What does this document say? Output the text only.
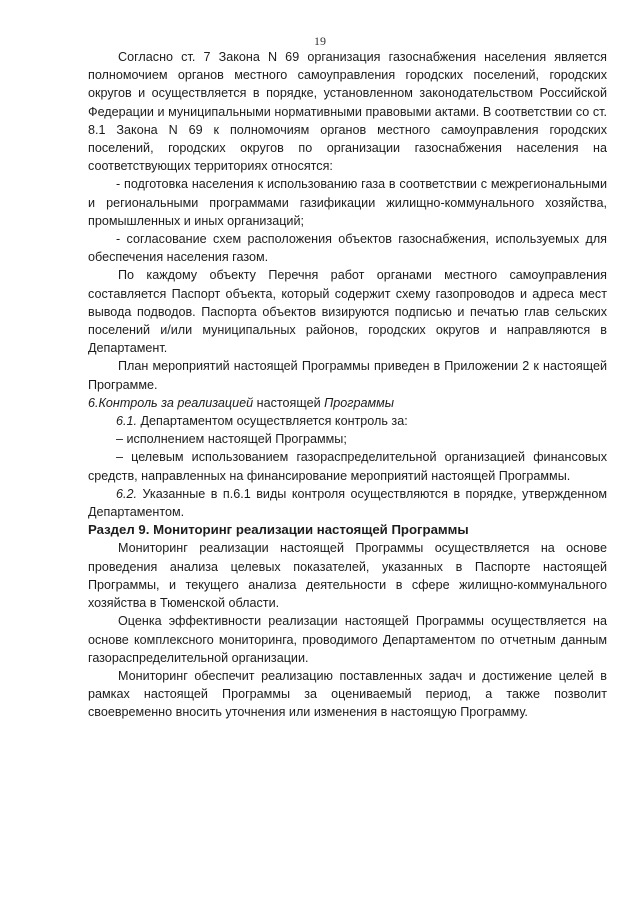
19

Согласно ст. 7 Закона N 69 организация газоснабжения населения является полномочием органов местного самоуправления городских поселений, городских округов и осуществляется в порядке, установленном законодательством Российской Федерации и муниципальными нормативными правовыми актами. В соответствии со ст. 8.1 Закона N 69 к полномочиям органов местного самоуправления городских поселений, городских округов по организации газоснабжения населения на соответствующих территориях относятся:

- подготовка населения к использованию газа в соответствии с межрегиональными и региональными программами газификации жилищно-коммунального хозяйства, промышленных и иных организаций;

- согласование схем расположения объектов газоснабжения, используемых для обеспечения населения газом.

По каждому объекту Перечня работ органами местного самоуправления составляется Паспорт объекта, который содержит схему газопроводов и адреса мест вывода подводов. Паспорта объектов визируются подписью и печатью глав сельских поселений и/или муниципальных районов, городских округов и направляются в Департамент.

План мероприятий настоящей Программы приведен в Приложении 2 к настоящей Программе.

6.Контроль за реализацией настоящей Программы

6.1. Департаментом осуществляется контроль за:

– исполнением настоящей Программы;

– целевым использованием газораспределительной организацией финансовых средств, направленных на финансирование мероприятий настоящей Программы.

6.2. Указанные в п.6.1 виды контроля осуществляются в порядке, утвержденном Департаментом.

Раздел 9. Мониторинг реализации настоящей Программы

Мониторинг реализации настоящей Программы осуществляется на основе проведения анализа целевых показателей, указанных в Паспорте настоящей Программы, и текущего анализа деятельности в сфере жилищно-коммунального хозяйства в Тюменской области.

Оценка эффективности реализации настоящей Программы осуществляется на основе комплексного мониторинга, проводимого Департаментом по отчетным данным газораспределительной организации.

Мониторинг обеспечит реализацию поставленных задач и достижение целей в рамках настоящей Программы за оцениваемый период, а также позволит своевременно вносить уточнения или изменения в настоящую Программу.
